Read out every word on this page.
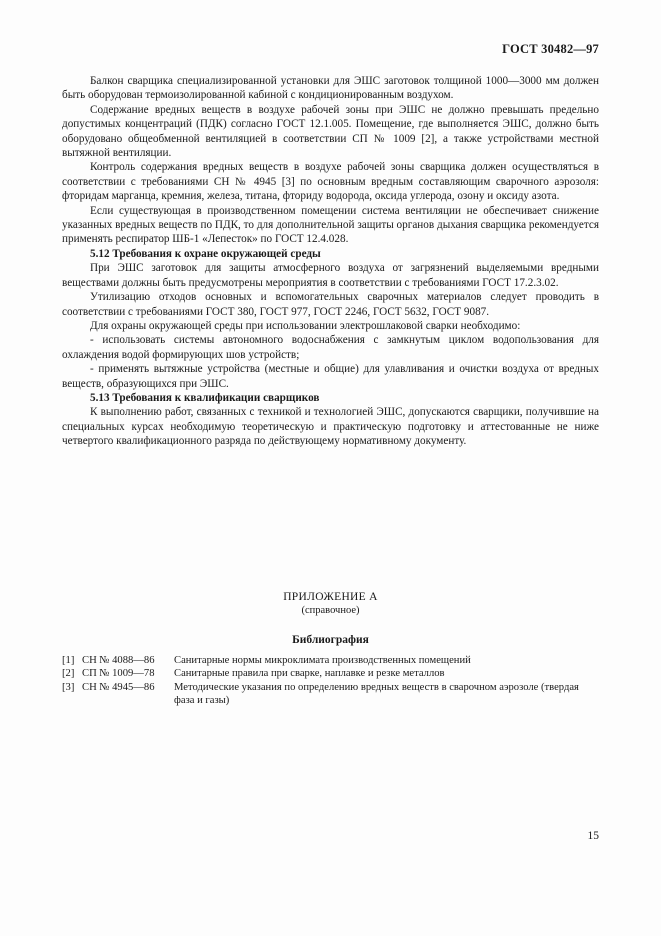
ГОСТ 30482—97

Балкон сварщика специализированной установки для ЭШС заготовок толщиной 1000—3000 мм должен быть оборудован термоизолированной кабиной с кондиционированным воздухом.

Содержание вредных веществ в воздухе рабочей зоны при ЭШС не должно превышать предельно допустимых концентраций (ПДК) согласно ГОСТ 12.1.005. Помещение, где выполняется ЭШС, должно быть оборудовано общеобменной вентиляцией в соответствии СП № 1009 [2], а также устройствами местной вытяжной вентиляции.

Контроль содержания вредных веществ в воздухе рабочей зоны сварщика должен осуществляться в соответствии с требованиями СН № 4945 [3] по основным вредным составляющим сварочного аэрозоля: фторидам марганца, кремния, железа, титана, фториду водорода, оксида углерода, озону и оксиду азота.

Если существующая в производственном помещении система вентиляции не обеспечивает снижение указанных вредных веществ по ПДК, то для дополнительной защиты органов дыхания сварщика рекомендуется применять респиратор ШБ-1 «Лепесток» по ГОСТ 12.4.028.

5.12 Требования к охране окружающей среды

При ЭШС заготовок для защиты атмосферного воздуха от загрязнений выделяемыми вредными веществами должны быть предусмотрены мероприятия в соответствии с требованиями ГОСТ 17.2.3.02.

Утилизацию отходов основных и вспомогательных сварочных материалов следует проводить в соответствии с требованиями ГОСТ 380, ГОСТ 977, ГОСТ 2246, ГОСТ 5632, ГОСТ 9087.

Для охраны окружающей среды при использовании электрошлаковой сварки необходимо:

- использовать системы автономного водоснабжения с замкнутым циклом водопользования для охлаждения водой формирующих шов устройств;

- применять вытяжные устройства (местные и общие) для улавливания и очистки воздуха от вредных веществ, образующихся при ЭШС.

5.13 Требования к квалификации сварщиков

К выполнению работ, связанных с техникой и технологией ЭШС, допускаются сварщики, получившие на специальных курсах необходимую теоретическую и практическую подготовку и аттестованные не ниже четвертого квалификационного разряда по действующему нормативному документу.

ПРИЛОЖЕНИЕ А
(справочное)
Библиография
[1] СН № 4088—86	Санитарные нормы микроклимата производственных помещений
[2] СП № 1009—78	Санитарные правила при сварке, наплавке и резке металлов
[3] СН № 4945—86	Методические указания по определению вредных веществ в сварочном аэрозоле (твердая фаза и газы)
15
